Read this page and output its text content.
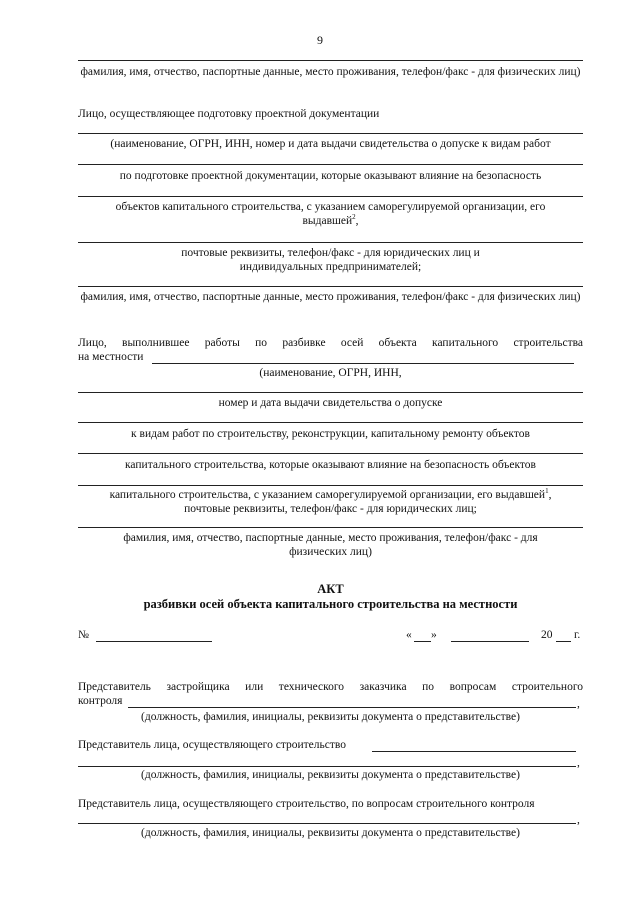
9
фамилия, имя, отчество, паспортные данные, место проживания, телефон/факс - для физических лиц)
Лицо, осуществляющее подготовку проектной документации
(наименование, ОГРН, ИНН, номер и дата выдачи свидетельства о допуске к видам работ
по подготовке проектной документации, которые оказывают влияние на безопасность
объектов капитального строительства, с указанием саморегулируемой организации, его
выдавшей$^2$,
почтовые реквизиты, телефон/факс - для юридических лиц и индивидуальных предпринимателей;
фамилия, имя, отчество, паспортные данные, место проживания, телефон/факс - для физических лиц)
Лицо, выполнившее работы по разбивке осей объекта капитального строительства
на местности
(наименование, ОГРН, ИНН,
номер и дата выдачи свидетельства о допуске
к видам работ по строительству, реконструкции, капитальному ремонту объектов
капитального строительства, которые оказывают влияние на безопасность объектов
капитального строительства, с указанием саморегулируемой организации, его выдавшей$^1$,
почтовые реквизиты, телефон/факс - для юридических лиц;
фамилия, имя, отчество, паспортные данные, место проживания, телефон/факс - для физических лиц)
АКТ
разбивки осей объекта капитального строительства на местности
№	« »	20 г.
Представитель застройщика или технического заказчика по вопросам строительного
контроля	,
(должность, фамилия, инициалы, реквизиты документа о представительстве)
Представитель лица, осуществляющего строительство
,
(должность, фамилия, инициалы, реквизиты документа о представительстве)
Представитель лица, осуществляющего строительство, по вопросам строительного контроля
,
(должность, фамилия, инициалы, реквизиты документа о представительстве)
